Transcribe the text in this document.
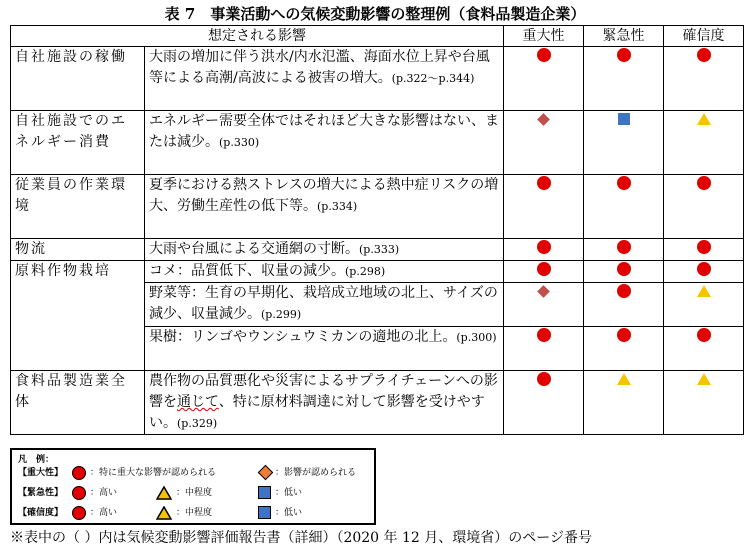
表 7　事業活動への気候変動影響の整理例（食料品製造企業）
想定される影響		重大性	緊急性	確信度
自社施設の稼働	大雨の増加に伴う洪水/内水氾濫、海面水位上昇や台風等による高潮/高波による被害の増大。(p.322～p.344)			
自社施設でのエネルギー消費	エネルギー需要全体ではそれほど大きな影響はない、または減少。(p.330)			
従業員の作業環境	夏季における熱ストレスの増大による熱中症リスクの増大、労働生産性の低下等。(p.334)			
物流	大雨や台風による交通網の寸断。(p.333)			
原料作物栽培	コメ：品質低下、収量の減少。(p.298)			
	野菜等：生育の早期化、栽培成立地域の北上、サイズの減少、収量減少。(p.299)			
	果樹：リンゴやウンシュウミカンの適地の北上。(p.300)			
食料品製造業全体	農作物の品質悪化や災害によるサプライチェーンへの影響を通じて、特に原材料調達に対して影響を受けやすい。(p.329)			
凡　例：
【重大性】	：特に重大な影響が認められる	：影響が認められる
【緊急性】	：高い	：中程度	：低い
【確信度】	：高い	：中程度	：低い
※表中の（ ）内は気候変動影響評価報告書（詳細）（2020 年 12 月、環境省）のページ番号
